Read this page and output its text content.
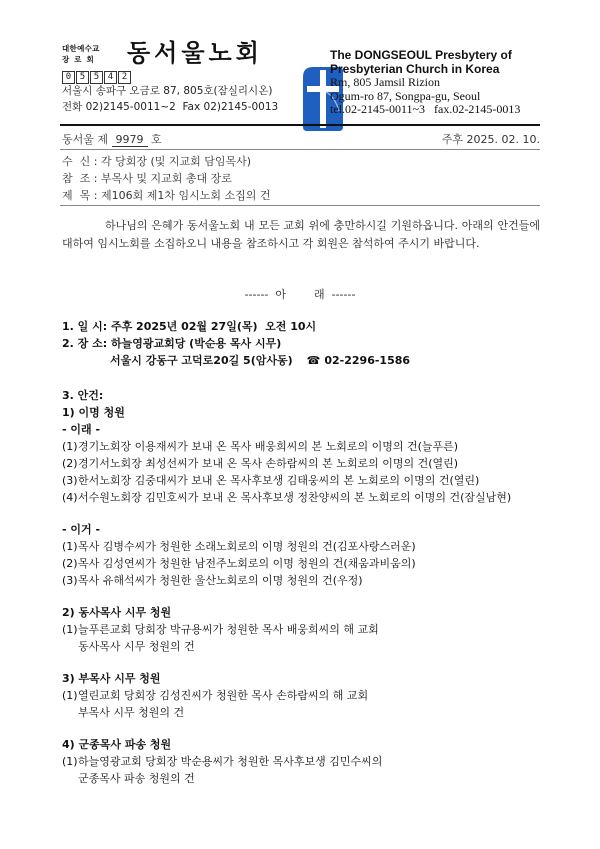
대한예수교
장 로 회 동서울노회
0 5 5 4 2
서울시 송파구 오금로 87, 805호(잠실리시온)
전화 02)2145-0011~2  Fax 02)2145-0013

The DONGSEOUL Presbytery of
Presbyterian Church in Korea
Rm, 805 Jamsil Rizion
Ogum-ro 87, Songpa-gu, Seoul
tel.02-2145-0011~3   fax.02-2145-0013
동서울 제 9979 호	주후 2025. 02. 10.
수  신 : 각 당회장 (및 지교회 담임목사)
참  조 : 부목사 및 지교회 총대 장로
제  목 : 제106회 제1차 임시노회 소집의 건
하나님의 은혜가 동서울노회 내 모든 교회 위에 충만하시길 기원하옵니다. 아래의 안건들에 대하여 임시노회를 소집하오니 내용을 참조하시고 각 회원은 참석하여 주시기 바랍니다.
------  아        래  ------
1. 일 시: 주후 2025년 02월 27일(목)  오전 10시
2. 장 소: 하늘영광교회당 (박순용 목사 시무)
서울시 강동구 고덕로20길 5(암사동) ☎ 02-2296-1586
3. 안건:
1) 이명 청원
- 이래 -
(1)경기노회장 이용재씨가 보내 온 목사 배웅희씨의 본 노회로의 이명의 건(늘푸른)
(2)경기서노회장 최성선씨가 보내 온 목사 손하람씨의 본 노회로의 이명의 건(열린)
(3)한서노회장 김중대씨가 보내 온 목사후보생 김태웅씨의 본 노회로의 이명의 건(열린)
(4)서수원노회장 김민호씨가 보내 온 목사후보생 정찬양씨의 본 노회로의 이명의 건(잠실남현)
- 이거 -
(1)목사 김병수씨가 청원한 소래노회로의 이명 청원의 건(김포사랑스러운)
(2)목사 김성연씨가 청원한 남전주노회로의 이명 청원의 건(채움과비움의)
(3)목사 유해석씨가 청원한 울산노회로의 이명 청원의 건(우정)
2) 동사목사 시무 청원
(1)늘푸른교회 당회장 박규용씨가 청원한 목사 배웅희씨의 해 교회
동사목사 시무 청원의 건
3) 부목사 시무 청원
(1)열린교회 당회장 김성진씨가 청원한 목사 손하람씨의 해 교회
부목사 시무 청원의 건
4) 군종목사 파송 청원
(1)하늘영광교회 당회장 박순용씨가 청원한 목사후보생 김민수씨의
군종목사 파송 청원의 건
